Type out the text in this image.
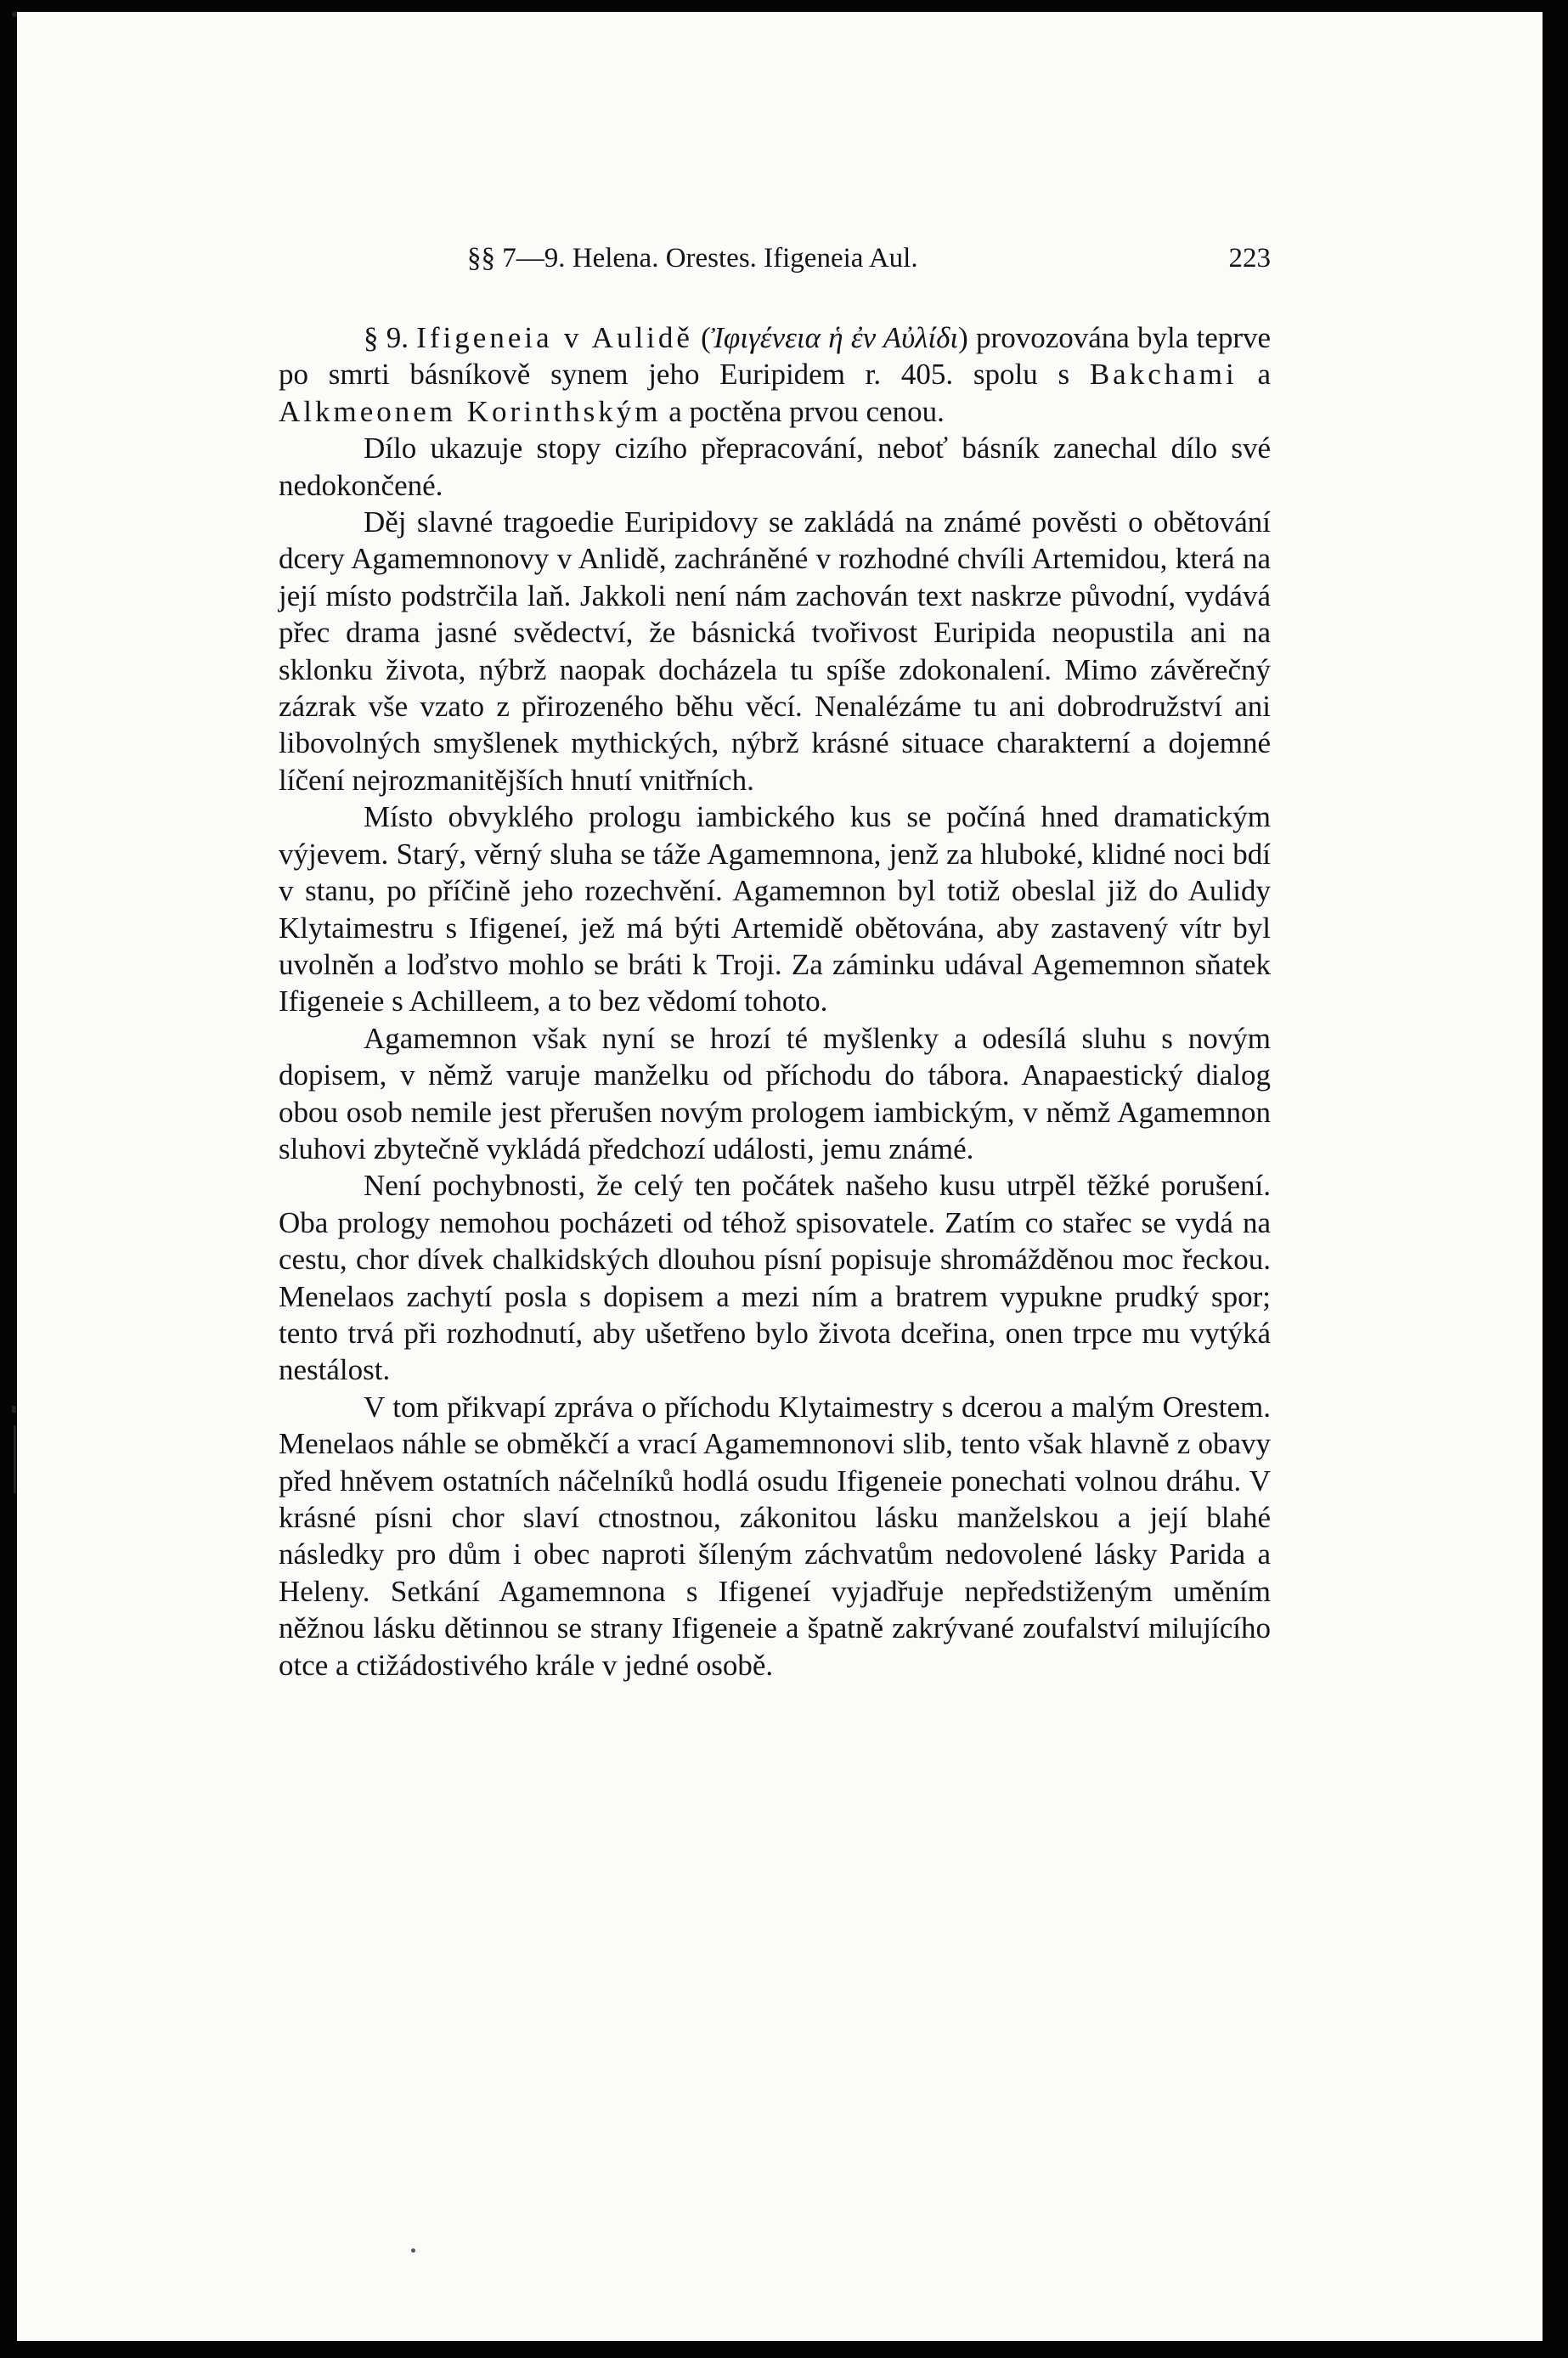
§§ 7—9. Helena. Orestes. Ifigeneia Aul.	223

§ 9. Ifigeneia v Aulidě (Ἰφιγένεια ἡ ἐν Αὐλίδι) provozována byla teprve po smrti básníkově synem jeho Euripidem r. 405. spolu s Bakchami a Alkmeonem Korinthským a poctěna prvou cenou.

Dílo ukazuje stopy cizího přepracování, neboť básník zanechal dílo své nedokončené.

Děj slavné tragoedie Euripidovy se zakládá na známé pověsti o obětování dcery Agamemnonovy v Anlidě, zachráněné v rozhodné chvíli Artemidou, která na její místo podstrčila laň. Jakkoli není nám zachován text naskrze původní, vydává přec drama jasné svědectví, že básnická tvořivost Euripida neopustila ani na sklonku života, nýbrž naopak docházela tu spíše zdokonalení. Mimo závěrečný zázrak vše vzato z přirozeného běhu věcí. Nenalézáme tu ani dobrodružství ani libovolných smyšlenek mythických, nýbrž krásné situace charakterní a dojemné líčení nejrozmanitějších hnutí vnitřních.

Místo obvyklého prologu iambického kus se počíná hned dramatickým výjevem. Starý, věrný sluha se táže Agamemnona, jenž za hluboké, klidné noci bdí v stanu, po příčině jeho rozechvění. Agamemnon byl totiž obeslal již do Aulidy Klytaimestru s Ifigeneí, jež má býti Artemidě obětována, aby zastavený vítr byl uvolněn a loďstvo mohlo se bráti k Troji. Za záminku udával Agememnon sňatek Ifigeneie s Achilleem, a to bez vědomí tohoto.

Agamemnon však nyní se hrozí té myšlenky a odesílá sluhu s novým dopisem, v němž varuje manželku od příchodu do tábora. Anapaestický dialog obou osob nemile jest přerušen novým prologem iambickým, v němž Agamemnon sluhovi zbytečně vykládá předchozí události, jemu známé.

Není pochybnosti, že celý ten počátek našeho kusu utrpěl těžké porušení. Oba prology nemohou pocházeti od téhož spisovatele. Zatím co stařec se vydá na cestu, chor dívek chalkidských dlouhou písní popisuje shromážděnou moc řeckou. Menelaos zachytí posla s dopisem a mezi ním a bratrem vypukne prudký spor; tento trvá při rozhodnutí, aby ušetřeno bylo života dceřina, onen trpce mu vytýká nestálost.

V tom přikvapí zpráva o příchodu Klytaimestry s dcerou a malým Orestem. Menelaos náhle se obměkčí a vrací Agamemnonovi slib, tento však hlavně z obavy před hněvem ostatních náčelníků hodlá osudu Ifigeneie ponechati volnou dráhu. V krásné písni chor slaví ctnostnou, zákonitou lásku manželskou a její blahé následky pro dům i obec naproti šíleným záchvatům nedovolené lásky Parida a Heleny. Setkání Agamemnona s Ifigeneí vyjadřuje nepředstiženým uměním něžnou lásku dětinnou se strany Ifigeneie a špatně zakrývané zoufalství milujícího otce a ctižádostivého krále v jedné osobě.
